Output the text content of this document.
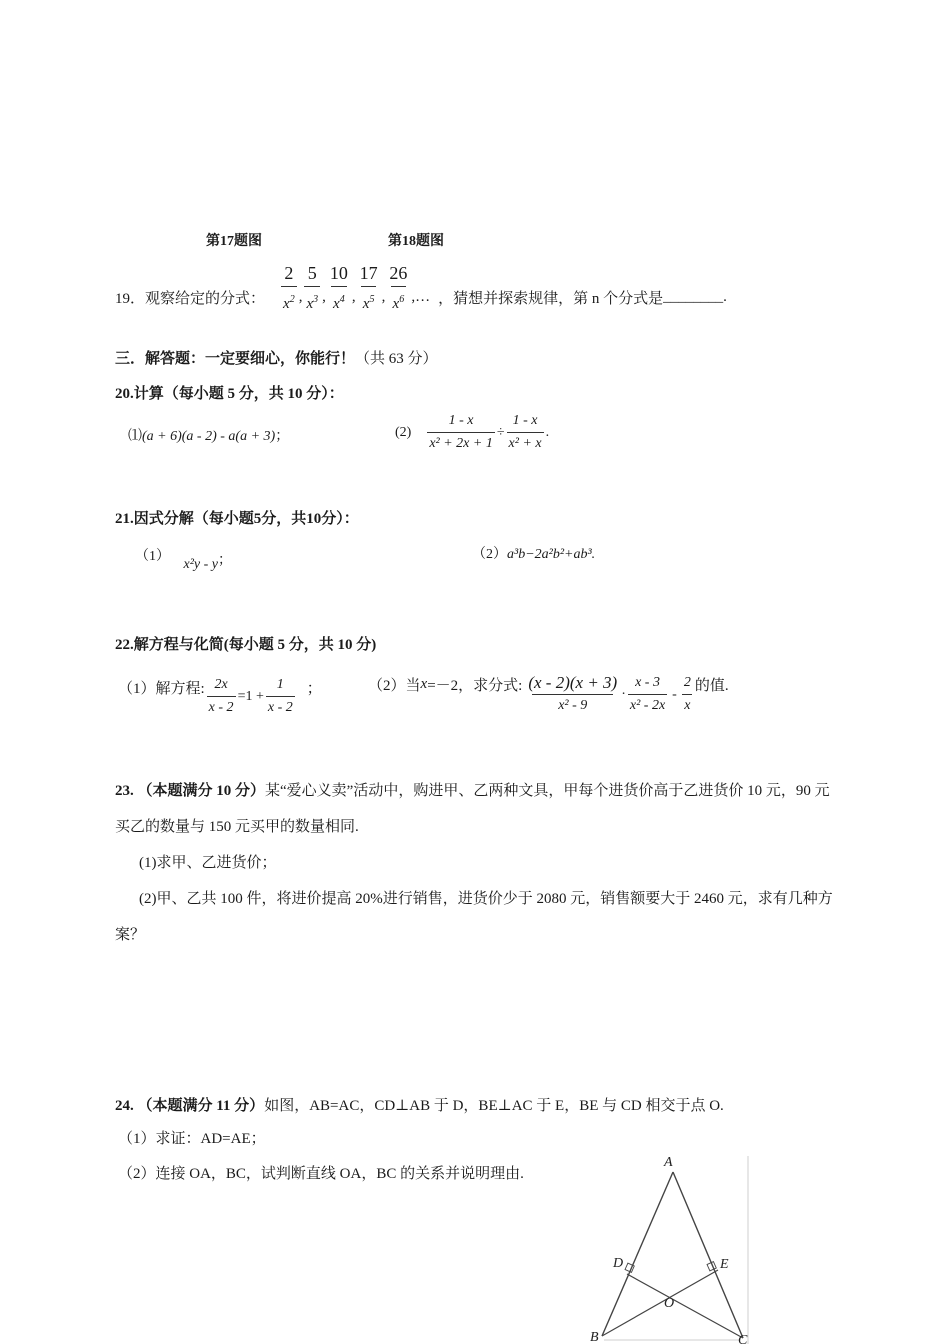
第17题图	第18题图
19．观察给定的分式： $\frac{2}{x^2}$ , $\frac{5}{x^3}$ , $\frac{10}{x^4}$ , $\frac{17}{x^5}$ , $\frac{26}{x^6}$ ,… ，猜想并探索规律，第 n 个分式是 ________ .
三．解答题：一定要细心，你能行！（共 63 分）
20.计算（每小题 5 分，共 10 分）：
⑴(a + 6)(a - 2) - a(a + 3)；	$(2) \frac{1 - x}{\text{x² + 2x + 1}} \div \frac{1 - x}{\text{x² + x}}$ .
21.因式分解（每小题5分，共10分）：
（1） x²y - y；	（2）a³b−2a²b²+ab³.
22.解方程与化简(每小题 5 分，共 10 分)
（1）解方程: $\frac{2x}{x - 2} =1 + \frac{1}{x - 2}$ ；	（2）当 x =－2，求分式: $\frac{(x - 2)(x + 3)}{\text{x² - 9}} \cdot \frac{x - 3}{\text{x² - 2x}} - \frac{2}{x}$ 的值.
23. （本题满分 10 分）某“爱心义卖”活动中，购进甲、乙两种文具，甲每个进货价高于乙进货价 10 元，90 元买乙的数量与 150 元买甲的数量相同.
(1)求甲、乙进货价；
(2)甲、乙共 100 件，将进价提高 20%进行销售，进货价少于 2080 元，销售额要大于 2460 元，求有几种方案？
24. （本题满分 11 分）如图，AB=AC，CD⊥AB 于 D，BE⊥AC 于 E，BE 与 CD 相交于点 O.
（1）求证：AD=AE；
（2）连接 OA，BC，试判断直线 OA，BC 的关系并说明理由.
A
B	C
D	E
O
